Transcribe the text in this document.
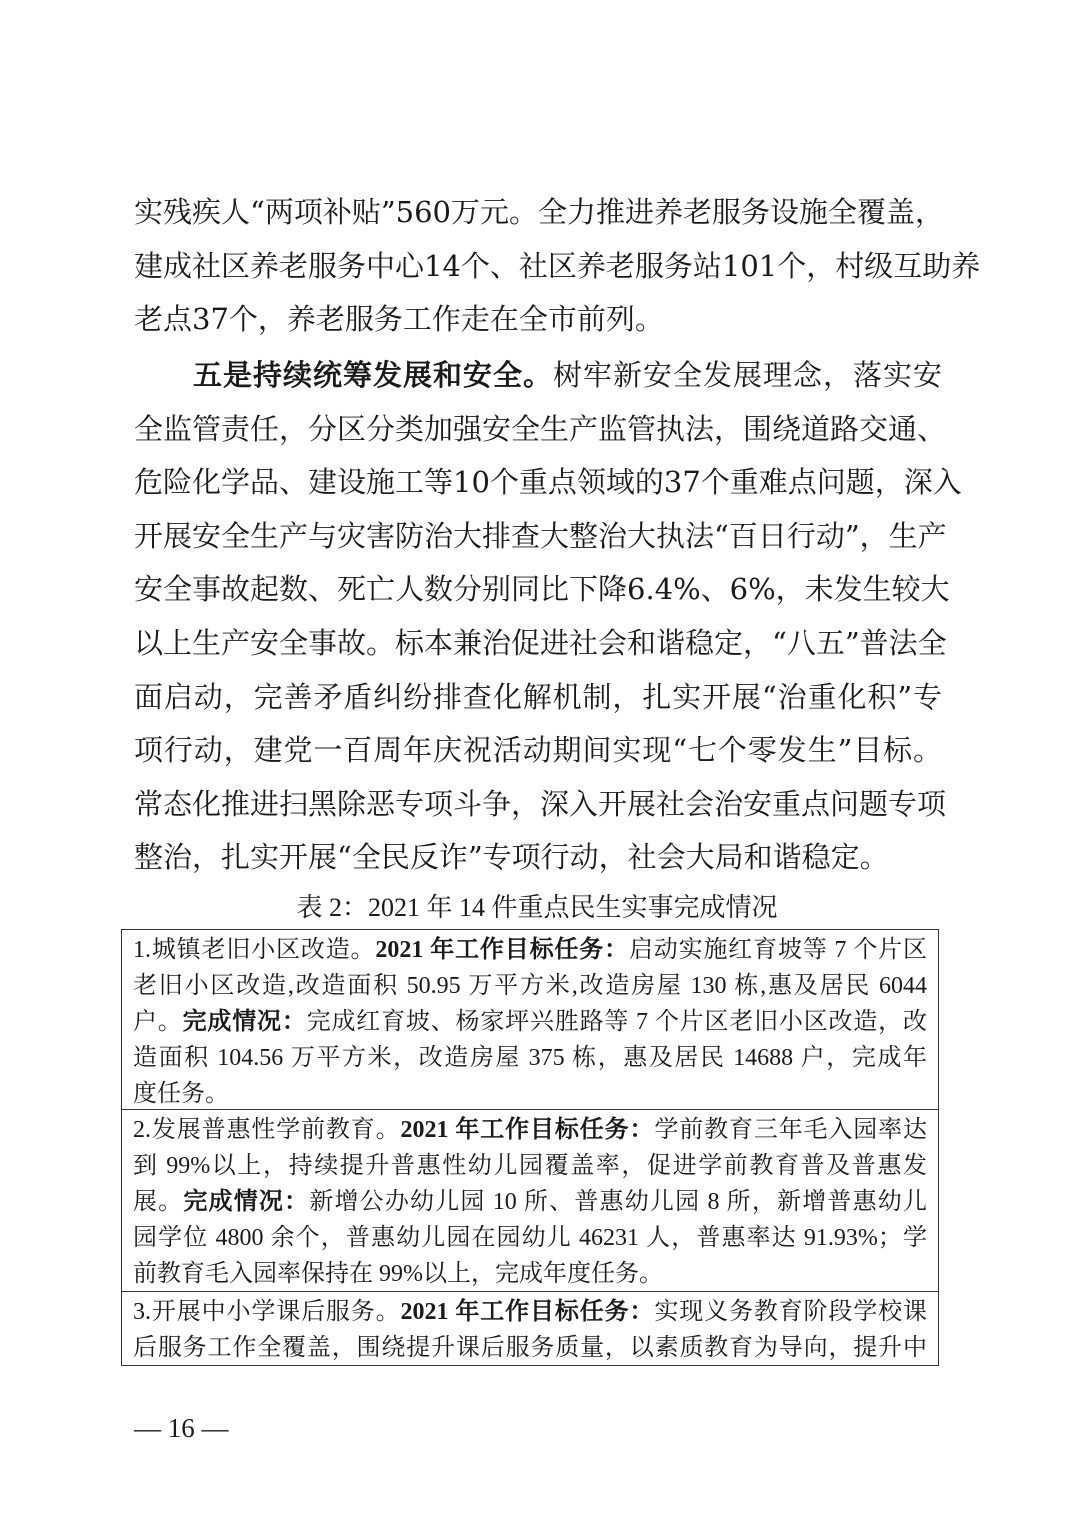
实残疾人“两项补贴”560万元。全力推进养老服务设施全覆盖，
建成社区养老服务中心14个、社区养老服务站101个，村级互助养
老点37个，养老服务工作走在全市前列。
五是持续统筹发展和安全。树牢新安全发展理念，落实安
全监管责任，分区分类加强安全生产监管执法，围绕道路交通、
危险化学品、建设施工等10个重点领域的37个重难点问题，深入
开展安全生产与灾害防治大排查大整治大执法“百日行动”，生产
安全事故起数、死亡人数分别同比下降6.4%、6%，未发生较大
以上生产安全事故。标本兼治促进社会和谐稳定，“八五”普法全
面启动，完善矛盾纠纷排查化解机制，扎实开展“治重化积”专
项行动，建党一百周年庆祝活动期间实现“七个零发生”目标。
常态化推进扫黑除恶专项斗争，深入开展社会治安重点问题专项
整治，扎实开展“全民反诈”专项行动，社会大局和谐稳定。
表 2：2021 年 14 件重点民生实事完成情况
1.城镇老旧小区改造。2021 年工作目标任务：启动实施红育坡等 7 个片区
老旧小区改造,改造面积 50.95 万平方米,改造房屋 130 栋,惠及居民 6044
户。完成情况：完成红育坡、杨家坪兴胜路等 7 个片区老旧小区改造，改
造面积 104.56 万平方米，改造房屋 375 栋，惠及居民 14688 户，完成年
度任务。
2.发展普惠性学前教育。2021 年工作目标任务：学前教育三年毛入园率达
到 99%以上，持续提升普惠性幼儿园覆盖率，促进学前教育普及普惠发
展。完成情况：新增公办幼儿园 10 所、普惠幼儿园 8 所，新增普惠幼儿
园学位 4800 余个，普惠幼儿园在园幼儿 46231 人，普惠率达 91.93%；学
前教育毛入园率保持在 99%以上，完成年度任务。
3.开展中小学课后服务。2021 年工作目标任务：实现义务教育阶段学校课
后服务工作全覆盖，围绕提升课后服务质量，以素质教育为导向，提升中
— 16 —
